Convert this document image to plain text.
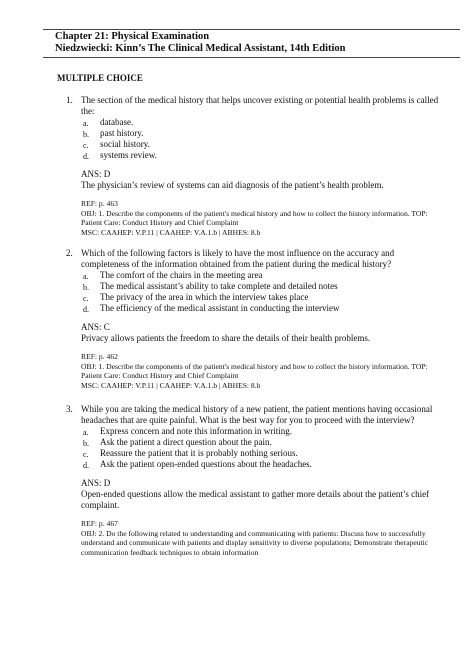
Chapter 21: Physical Examination
Niedzwiecki: Kinn’s The Clinical Medical Assistant, 14th Edition
MULTIPLE CHOICE
1. The section of the medical history that helps uncover existing or potential health problems is called the:
a. database.
b. past history.
c. social history.
d. systems review.
ANS: D
The physician’s review of systems can aid diagnosis of the patient’s health problem.
REF: p. 463
OBJ: 1. Describe the components of the patient's medical history and how to collect the history information. TOP: Patient Care: Conduct History and Chief Complaint
MSC: CAAHEP: V.P.11 | CAAHEP: V.A.1.b | ABHES: 8.b
2. Which of the following factors is likely to have the most influence on the accuracy and completeness of the information obtained from the patient during the medical history?
a. The comfort of the chairs in the meeting area
b. The medical assistant’s ability to take complete and detailed notes
c. The privacy of the area in which the interview takes place
d. The efficiency of the medical assistant in conducting the interview
ANS: C
Privacy allows patients the freedom to share the details of their health problems.
REF: p. 462
OBJ: 1. Describe the components of the patient's medical history and how to collect the history information. TOP: Patient Care: Conduct History and Chief Complaint
MSC: CAAHEP: V.P.11 | CAAHEP: V.A.1.b | ABHES: 8.b
3. While you are taking the medical history of a new patient, the patient mentions having occasional headaches that are quite painful. What is the best way for you to proceed with the interview?
a. Express concern and note this information in writing.
b. Ask the patient a direct question about the pain.
c. Reassure the patient that it is probably nothing serious.
d. Ask the patient open-ended questions about the headaches.
ANS: D
Open-ended questions allow the medical assistant to gather more details about the patient’s chief complaint.
REF: p. 467
OBJ: 2. Do the following related to understanding and communicating with patients: Discuss how to successfully understand and communicate with patients and display sensitivity to diverse populations; Demonstrate therapeutic communication feedback techniques to obtain information
